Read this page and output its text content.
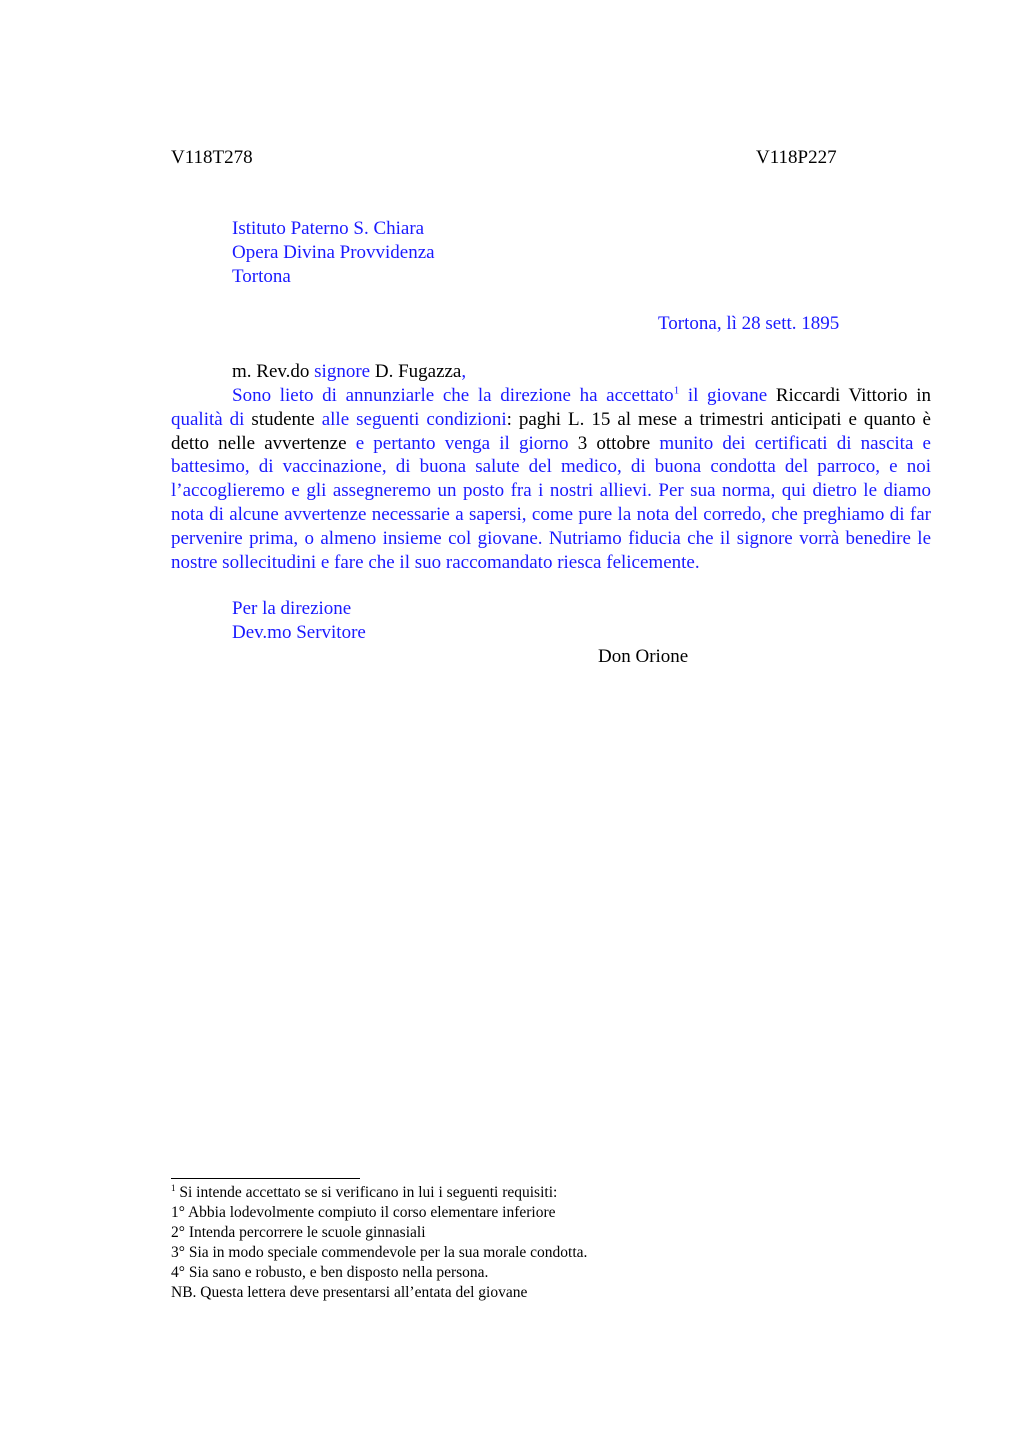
V118T278	V118P227
Istituto Paterno S. Chiara
Opera Divina Provvidenza
Tortona
Tortona, lì 28 sett. 1895
m. Rev.do signore D. Fugazza,

Sono lieto di annunziarle che la direzione ha accettato$^1$ il giovane Riccardi Vittorio in qualità di studente alle seguenti condizioni: paghi L. 15 al mese a trimestri anticipati e quanto è detto nelle avvertenze e pertanto venga il giorno 3 ottobre munito dei certificati di nascita e battesimo, di vaccinazione, di buona salute del medico, di buona condotta del parroco, e noi l’accoglieremo e gli assegneremo un posto fra i nostri allievi. Per sua norma, qui dietro le diamo nota di alcune avvertenze necessarie a sapersi, come pure la nota del corredo, che preghiamo di far pervenire prima, o almeno insieme col giovane. Nutriamo fiducia che il signore vorrà benedire le nostre sollecitudini e fare che il suo raccomandato riesca felicemente.

Per la direzione
Dev.mo Servitore
Don Orione
$^1$ Si intende accettato se si verificano in lui i seguenti requisiti:
1° Abbia lodevolmente compiuto il corso elementare inferiore
2° Intenda percorrere le scuole ginnasiali
3° Sia in modo speciale commendevole per la sua morale condotta.
4° Sia sano e robusto, e ben disposto nella persona.
NB. Questa lettera deve presentarsi all’entata del giovane
